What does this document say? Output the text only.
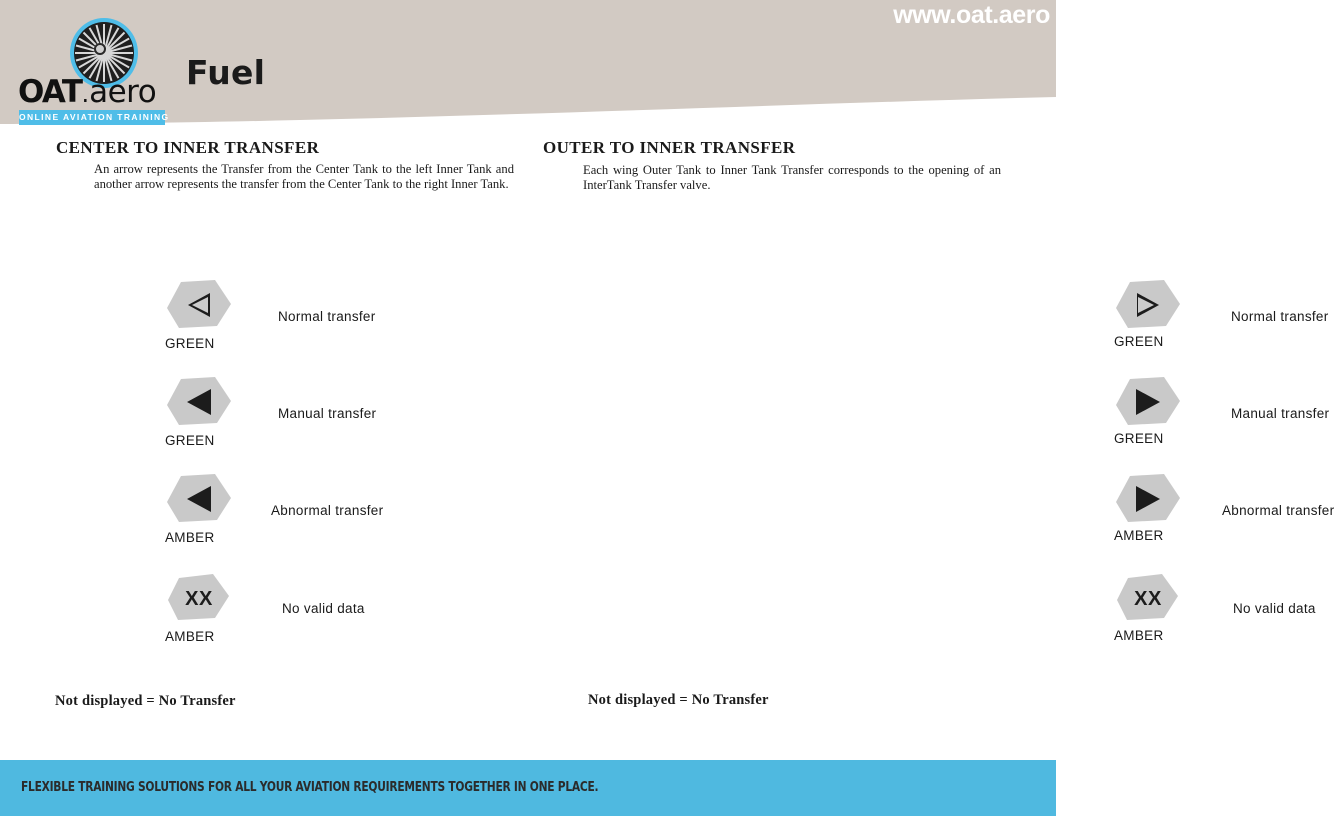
www.oat.aero
Fuel
OAT.aero
ONLINE AVIATION TRAINING
CENTER TO INNER TRANSFER
An arrow represents the Transfer from the Center Tank to the left Inner Tank and another arrow represents the transfer from the Center Tank to the right Inner Tank.
GREEN
Normal transfer
GREEN
Manual transfer
AMBER
Abnormal transfer
XX
AMBER
No valid data
Not displayed = No Transfer
OUTER TO INNER TRANSFER
Each wing Outer Tank to Inner Tank Transfer corresponds to the opening of an InterTank Transfer valve.
GREEN
Normal transfer
GREEN
Manual transfer
AMBER
Abnormal transfer
XX
AMBER
No valid data
Not displayed = No Transfer
FLEXIBLE TRAINING SOLUTIONS FOR ALL YOUR AVIATION REQUIREMENTS TOGETHER IN ONE PLACE.
